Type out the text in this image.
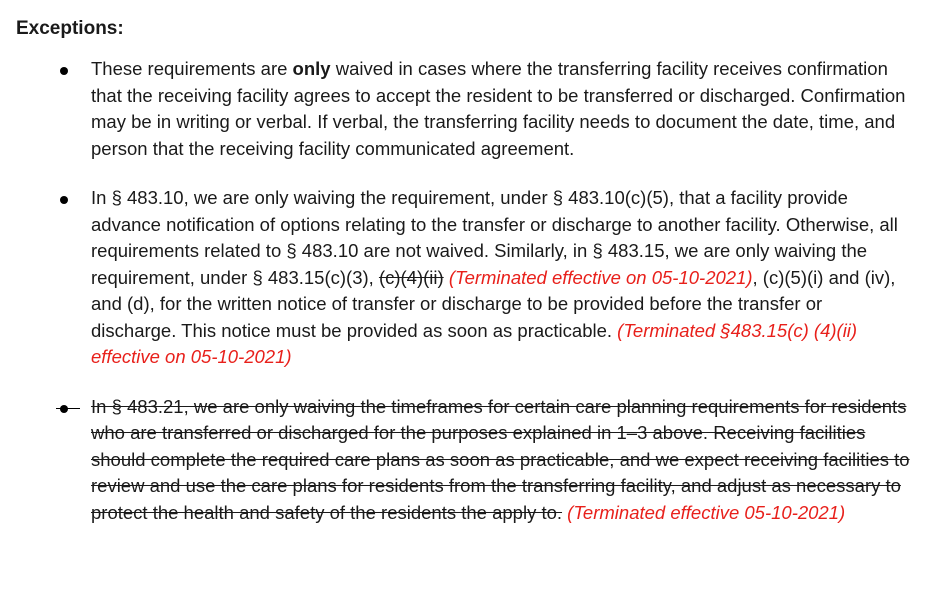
Exceptions:
These requirements are only waived in cases where the transferring facility receives confirmation that the receiving facility agrees to accept the resident to be transferred or discharged. Confirmation may be in writing or verbal. If verbal, the transferring facility needs to document the date, time, and person that the receiving facility communicated agreement.
In § 483.10, we are only waiving the requirement, under § 483.10(c)(5), that a facility provide advance notification of options relating to the transfer or discharge to another facility. Otherwise, all requirements related to § 483.10 are not waived. Similarly, in § 483.15, we are only waiving the requirement, under § 483.15(c)(3), (c)(4)(ii) (Terminated effective on 05-10-2021), (c)(5)(i) and (iv), and (d), for the written notice of transfer or discharge to be provided before the transfer or discharge. This notice must be provided as soon as practicable. (Terminated §483.15(c) (4)(ii) effective on 05-10-2021)
In § 483.21, we are only waiving the timeframes for certain care planning requirements for residents who are transferred or discharged for the purposes explained in 1–3 above. Receiving facilities should complete the required care plans as soon as practicable, and we expect receiving facilities to review and use the care plans for residents from the transferring facility, and adjust as necessary to protect the health and safety of the residents the apply to. (Terminated effective 05-10-2021)
